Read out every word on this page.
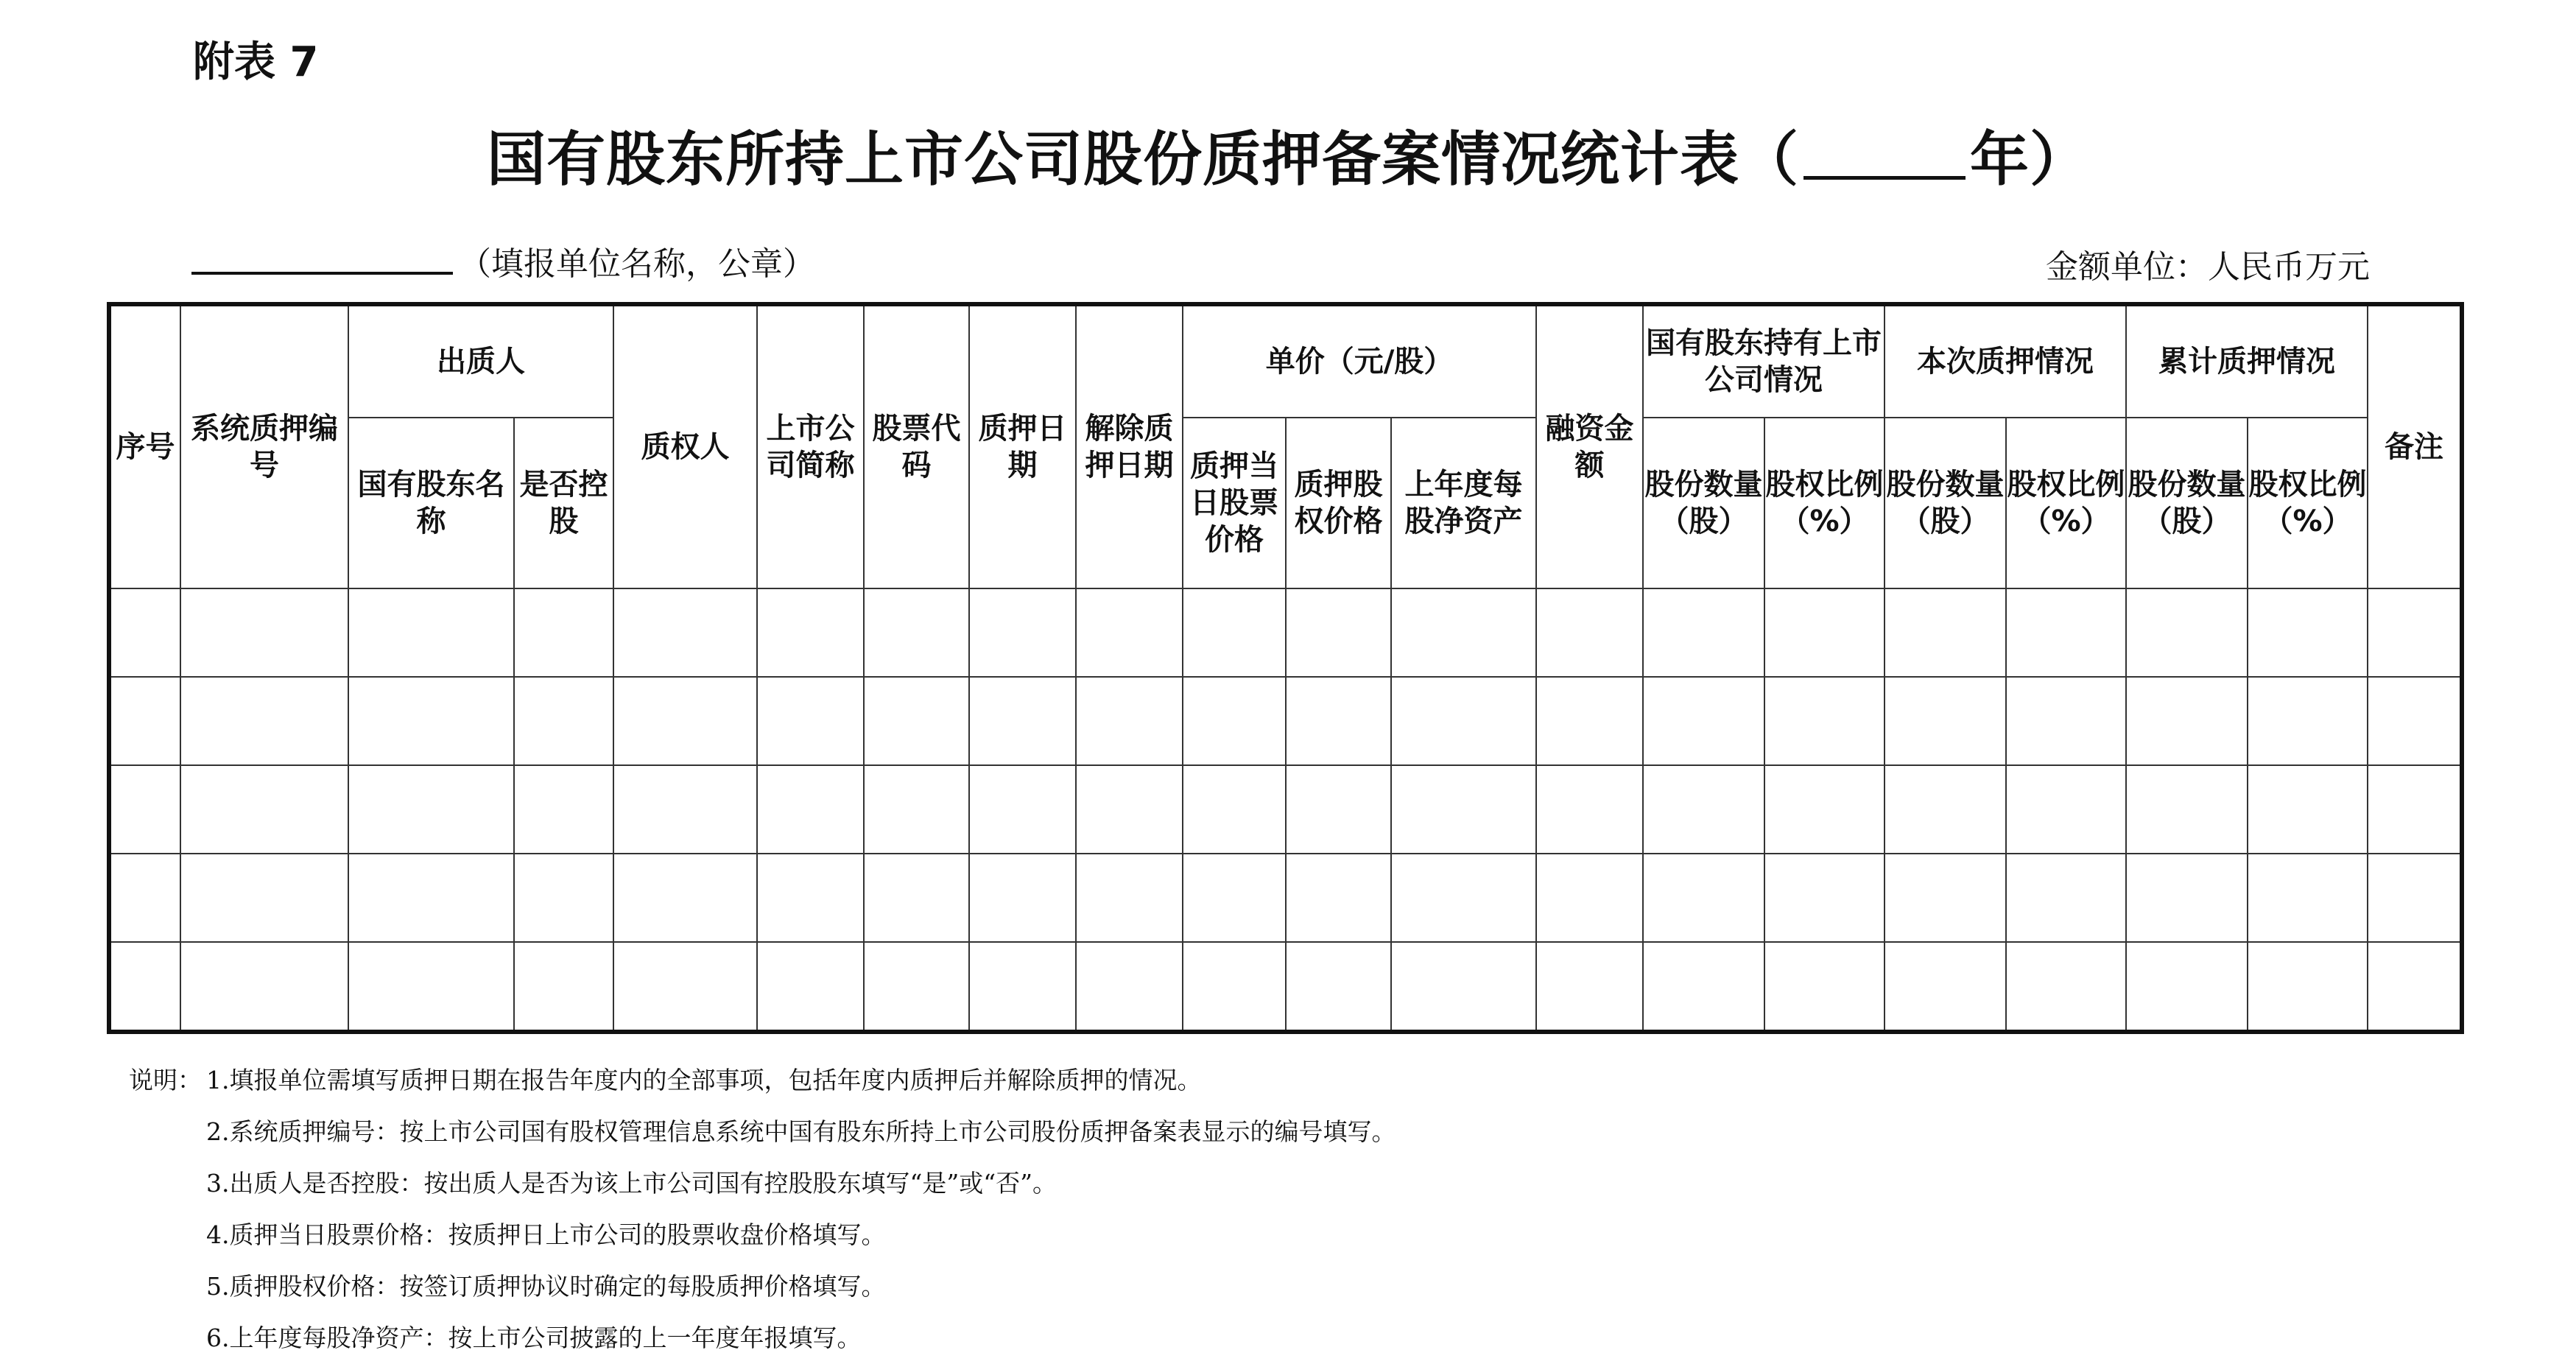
附表 7
国有股东所持上市公司股份质押备案情况统计表（	年）
（填报单位名称，公章）	金额单位：人民币万元
序号	系统质押编号	出质人		质权人	上市公司简称	股票代码	质押日期	解除质押日期	单价（元/股）			融资金额	国有股东持有上市公司情况		本次质押情况		累计质押情况		备注
		国有股东名称	是否控股						质押当日股票价格	质押股权价格	上年度每股净资产		股份数量（股）	股权比例（%）	股份数量（股）	股权比例（%）	股份数量（股）	股权比例（%）	

说明： 1.填报单位需填写质押日期在报告年度内的全部事项，包括年度内质押后并解除质押的情况。
2.系统质押编号：按上市公司国有股权管理信息系统中国有股东所持上市公司股份质押备案表显示的编号填写。
3.出质人是否控股：按出质人是否为该上市公司国有控股股东填写“是”或“否”。
4.质押当日股票价格：按质押日上市公司的股票收盘价格填写。
5.质押股权价格：按签订质押协议时确定的每股质押价格填写。
6.上年度每股净资产：按上市公司披露的上一年度年报填写。
